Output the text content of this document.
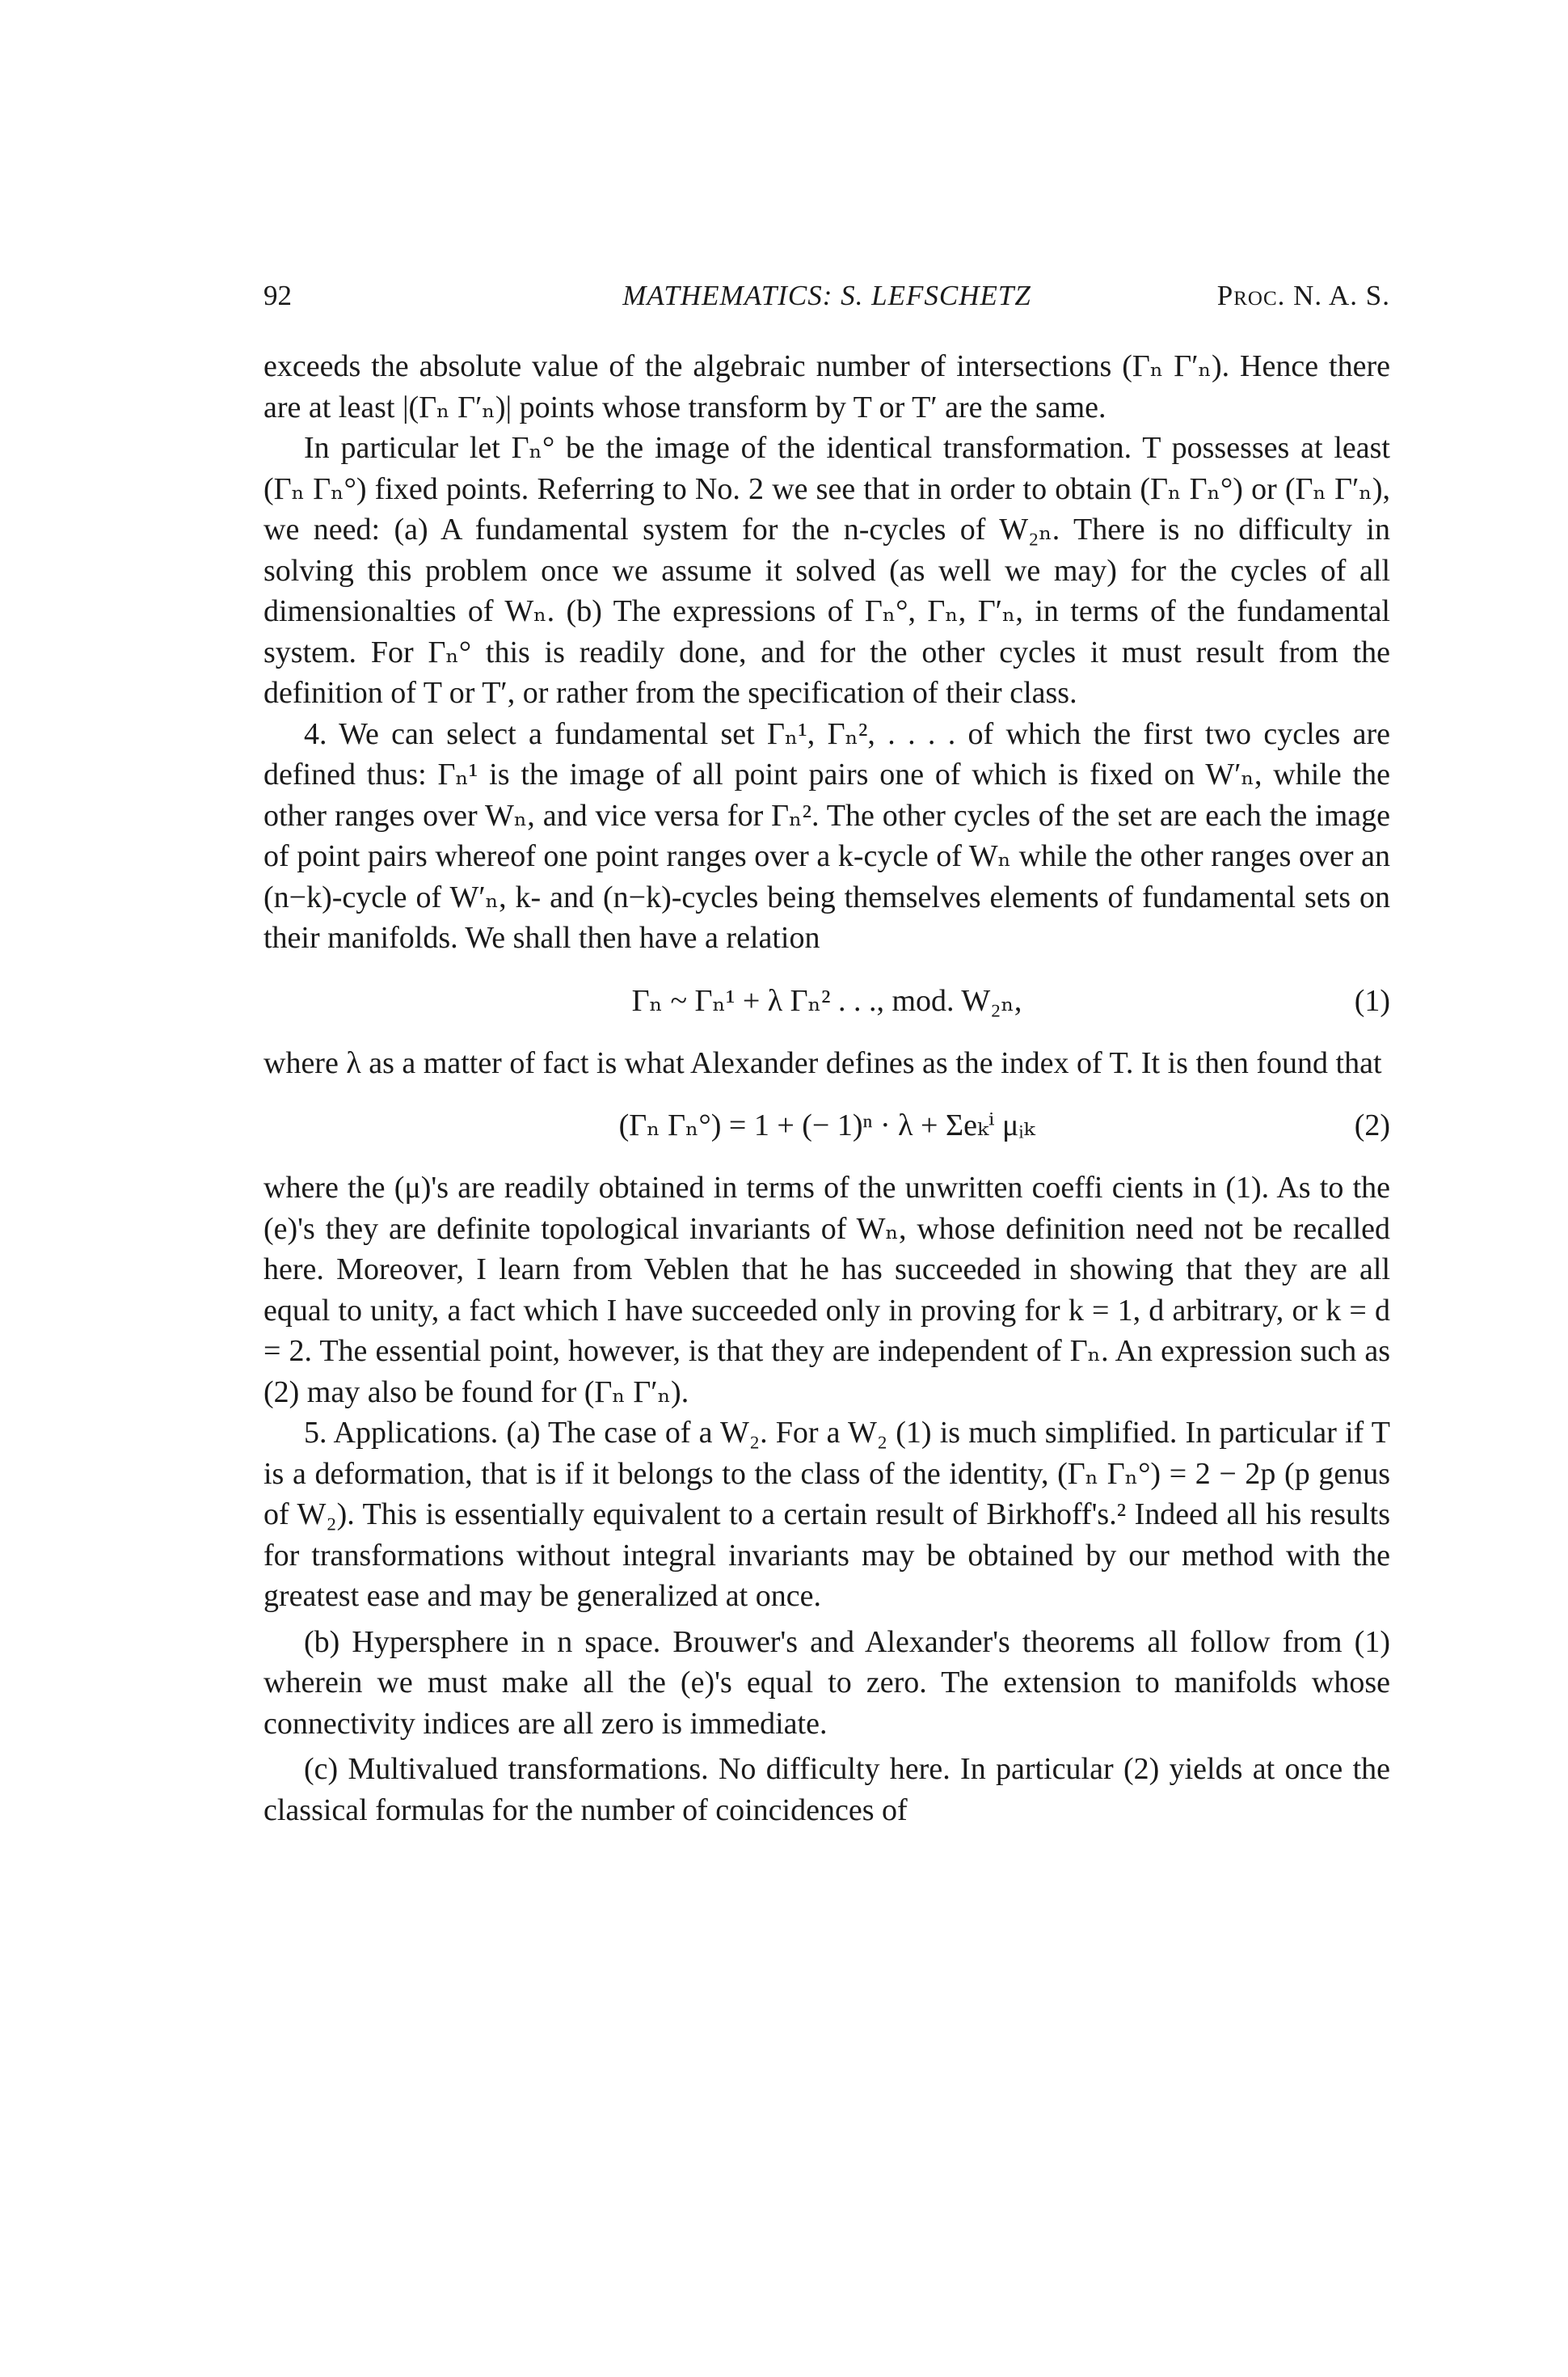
92	MATHEMATICS: S. LEFSCHETZ	Proc. N. A. S.

exceeds the absolute value of the algebraic number of intersections (Γₙ Γ′ₙ). Hence there are at least |(Γₙ Γ′ₙ)| points whose transform by T or T′ are the same.

In particular let Γₙ° be the image of the identical transformation. T possesses at least (Γₙ Γₙ°) fixed points. Referring to No. 2 we see that in order to obtain (Γₙ Γₙ°) or (Γₙ Γ′ₙ), we need: (a) A fundamental system for the n-cycles of W₂ₙ. There is no difficulty in solving this problem once we assume it solved (as well we may) for the cycles of all dimensionalties of Wₙ. (b) The expressions of Γₙ°, Γₙ, Γ′ₙ, in terms of the fundamental system. For Γₙ° this is readily done, and for the other cycles it must result from the definition of T or T′, or rather from the specification of their class.

4. We can select a fundamental set Γₙ¹, Γₙ², . . . . of which the first two cycles are defined thus: Γₙ¹ is the image of all point pairs one of which is fixed on W′ₙ, while the other ranges over Wₙ, and vice versa for Γₙ². The other cycles of the set are each the image of point pairs whereof one point ranges over a k-cycle of Wₙ while the other ranges over an (n−k)-cycle of W′ₙ, k- and (n−k)-cycles being themselves elements of fundamental sets on their manifolds. We shall then have a relation

Γₙ ~ Γₙ¹ + λ Γₙ² . . ., mod. W₂ₙ,	(1)

where λ as a matter of fact is what Alexander defines as the index of T. It is then found that

(Γₙ Γₙ°) = 1 + (− 1)ⁿ · λ + Σeₖⁱ μᵢₖ	(2)

where the (μ)'s are readily obtained in terms of the unwritten coeffi cients in (1). As to the (e)'s they are definite topological invariants of Wₙ, whose definition need not be recalled here. Moreover, I learn from Veblen that he has succeeded in showing that they are all equal to unity, a fact which I have succeeded only in proving for k = 1, d arbitrary, or k = d = 2. The essential point, however, is that they are independent of Γₙ. An expression such as (2) may also be found for (Γₙ Γ′ₙ).

5. Applications. (a) The case of a W₂. For a W₂ (1) is much simplified. In particular if T is a deformation, that is if it belongs to the class of the identity, (Γₙ Γₙ°) = 2 − 2p (p genus of W₂). This is essentially equivalent to a certain result of Birkhoff's.² Indeed all his results for transformations without integral invariants may be obtained by our method with the greatest ease and may be generalized at once.

(b) Hypersphere in n space. Brouwer's and Alexander's theorems all follow from (1) wherein we must make all the (e)'s equal to zero. The extension to manifolds whose connectivity indices are all zero is immediate.

(c) Multivalued transformations. No difficulty here. In particular (2) yields at once the classical formulas for the number of coincidences of
